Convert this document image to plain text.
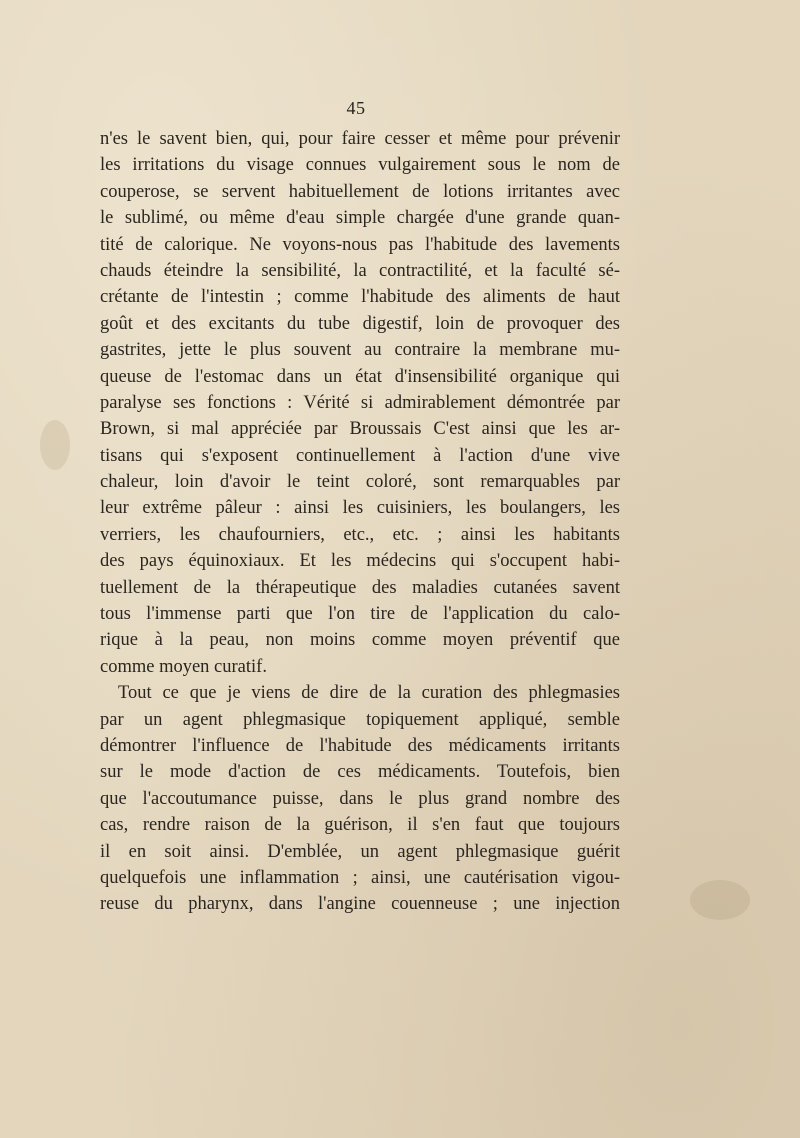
45
n'es le savent bien, qui, pour faire cesser et même pour prévenir
les irritations du visage connues vulgairement sous le nom de
couperose, se servent habituellement de lotions irritantes avec
le sublimé, ou même d'eau simple chargée d'une grande quan-
tité de calorique. Ne voyons-nous pas l'habitude des lavements
chauds éteindre la sensibilité, la contractilité, et la faculté sé-
crétante de l'intestin ; comme l'habitude des aliments de haut
goût et des excitants du tube digestif, loin de provoquer des
gastrites, jette le plus souvent au contraire la membrane mu-
queuse de l'estomac dans un état d'insensibilité organique qui
paralyse ses fonctions : Vérité si admirablement démontrée par
Brown, si mal appréciée par Broussais C'est ainsi que les ar-
tisans qui s'exposent continuellement à l'action d'une vive
chaleur, loin d'avoir le teint coloré, sont remarquables par
leur extrême pâleur : ainsi les cuisiniers, les boulangers, les
verriers, les chaufourniers, etc., etc. ; ainsi les habitants
des pays équinoxiaux. Et les médecins qui s'occupent habi-
tuellement de la thérapeutique des maladies cutanées savent
tous l'immense parti que l'on tire de l'application du calo-
rique à la peau, non moins comme moyen préventif que
comme moyen curatif.
Tout ce que je viens de dire de la curation des phlegmasies
par un agent phlegmasique topiquement appliqué, semble
démontrer l'influence de l'habitude des médicaments irritants
sur le mode d'action de ces médicaments. Toutefois, bien
que l'accoutumance puisse, dans le plus grand nombre des
cas, rendre raison de la guérison, il s'en faut que toujours
il en soit ainsi. D'emblée, un agent phlegmasique guérit
quelquefois une inflammation ; ainsi, une cautérisation vigou-
reuse du pharynx, dans l'angine couenneuse ; une injection
